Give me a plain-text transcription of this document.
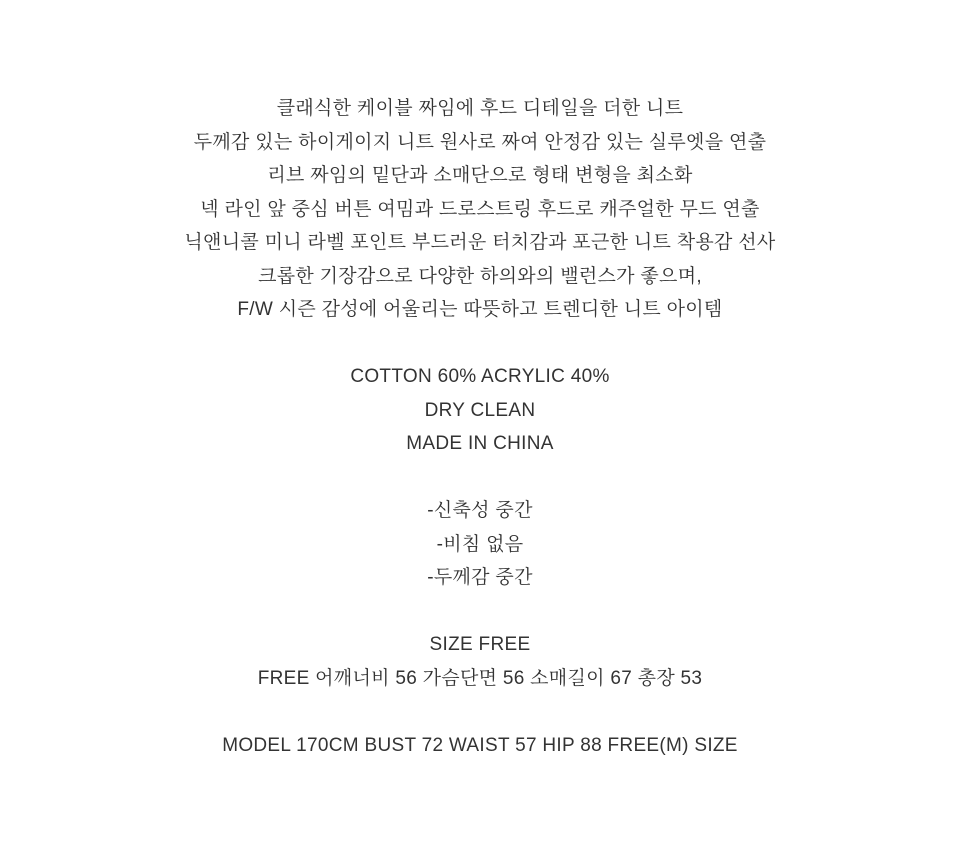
클래식한 케이블 짜임에 후드 디테일을 더한 니트

두께감 있는 하이게이지 니트 원사로 짜여 안정감 있는 실루엣을 연출

리브 짜임의 밑단과 소매단으로 형태 변형을 최소화

넥 라인 앞 중심 버튼 여밈과 드로스트링 후드로 캐주얼한 무드 연출

닉앤니콜 미니 라벨 포인트 부드러운 터치감과 포근한 니트 착용감 선사

크롭한 기장감으로 다양한 하의와의 밸런스가 좋으며,

F/W 시즌 감성에 어울리는 따뜻하고 트렌디한 니트 아이템

COTTON 60% ACRYLIC 40%

DRY CLEAN

MADE IN CHINA

-신축성 중간

-비침 없음

-두께감 중간

SIZE FREE

FREE 어깨너비 56 가슴단면 56 소매길이 67 총장 53

MODEL 170CM BUST 72 WAIST 57 HIP 88 FREE(M) SIZE
